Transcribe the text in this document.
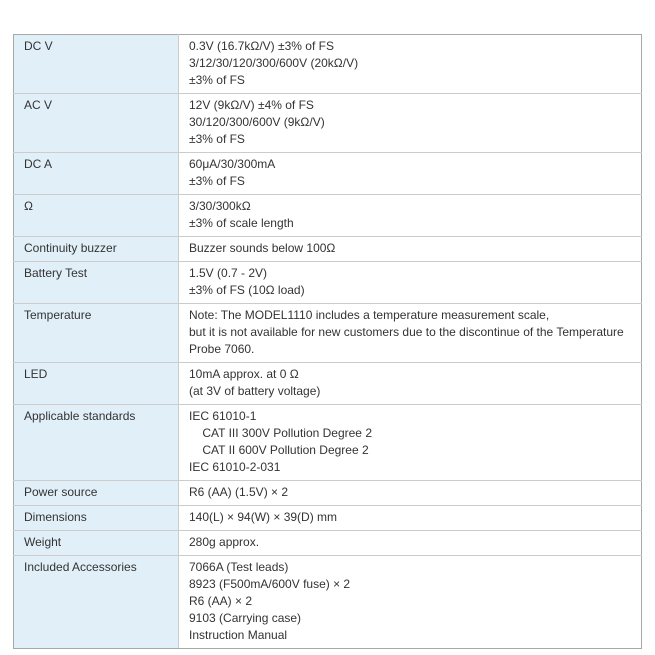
DC V	0.3V (16.7kΩ/V) ±3% of FS
3/12/30/120/300/600V (20kΩ/V)
±3% of FS

AC V	12V (9kΩ/V) ±4% of FS
30/120/300/600V (9kΩ/V)
±3% of FS

DC A	60μA/30/300mA
±3% of FS

Ω	3/30/300kΩ
±3% of scale length

Continuity buzzer	Buzzer sounds below 100Ω

Battery Test	1.5V (0.7 - 2V)
±3% of FS (10Ω load)

Temperature	Note: The MODEL1110 includes a temperature measurement scale,
but it is not available for new customers due to the discontinue of the Temperature
Probe 7060.

LED	10mA approx. at 0 Ω
(at 3V of battery voltage)

Applicable standards	IEC 61010-1
CAT III 300V Pollution Degree 2
CAT II 600V Pollution Degree 2
IEC 61010-2-031

Power source	R6 (AA) (1.5V) × 2

Dimensions	140(L) × 94(W) × 39(D) mm

Weight	280g approx.

Included Accessories	7066A (Test leads)
8923 (F500mA/600V fuse) × 2
R6 (AA) × 2
9103 (Carrying case)
Instruction Manual
